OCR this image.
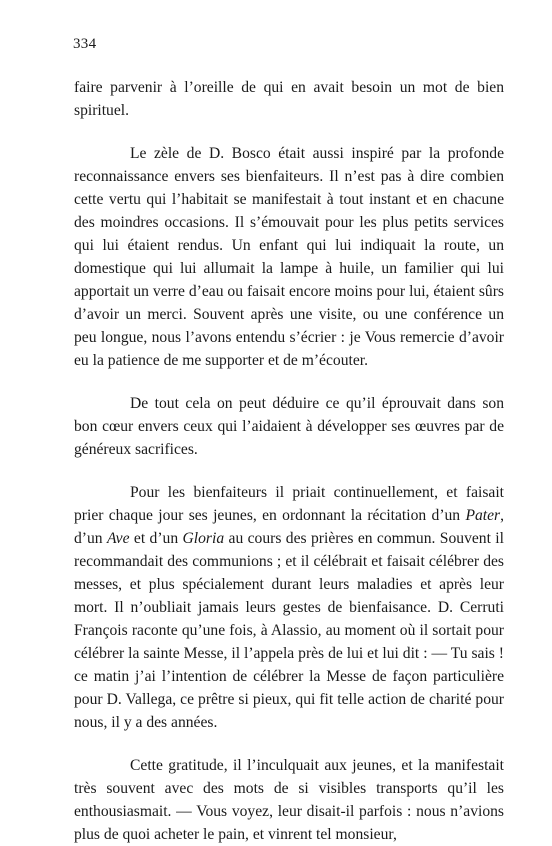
334

faire parvenir à l’oreille de qui en avait besoin un mot de bien spirituel.

Le zèle de D. Bosco était aussi inspiré par la profonde reconnaissance envers ses bienfaiteurs. Il n’est pas à dire combien cette vertu qui l’habitait se manifestait à tout instant et en chacune des moindres occasions. Il s’émouvait pour les plus petits services qui lui étaient rendus. Un enfant qui lui indiquait la route, un domestique qui lui allumait la lampe à huile, un familier qui lui apportait un verre d’eau ou faisait encore moins pour lui, étaient sûrs d’avoir un merci. Souvent après une visite, ou une conférence un peu longue, nous l’avons entendu s’écrier : je Vous remercie d’avoir eu la patience de me supporter et de m’écouter.

De tout cela on peut déduire ce qu’il éprouvait dans son bon cœur envers ceux qui l’aidaient à développer ses œuvres par de généreux sacrifices.

Pour les bienfaiteurs il priait continuellement, et faisait prier chaque jour ses jeunes, en ordonnant la récitation d’un Pater, d’un Ave et d’un Gloria au cours des prières en commun. Souvent il recommandait des communions ; et il célébrait et faisait célébrer des messes, et plus spécialement durant leurs maladies et après leur mort. Il n’oubliait jamais leurs gestes de bienfaisance. D. Cerruti François raconte qu’une fois, à Alassio, au moment où il sortait pour célébrer la sainte Messe, il l’appela près de lui et lui dit : — Tu sais ! ce matin j’ai l’intention de célébrer la Messe de façon particulière pour D. Vallega, ce prêtre si pieux, qui fit telle action de charité pour nous, il y a des années.

Cette gratitude, il l’inculquait aux jeunes, et la manifestait très souvent avec des mots de si visibles transports qu’il les enthousiasmait. — Vous voyez, leur disait-il parfois : nous n’avions plus de quoi acheter le pain, et vinrent tel monsieur,
